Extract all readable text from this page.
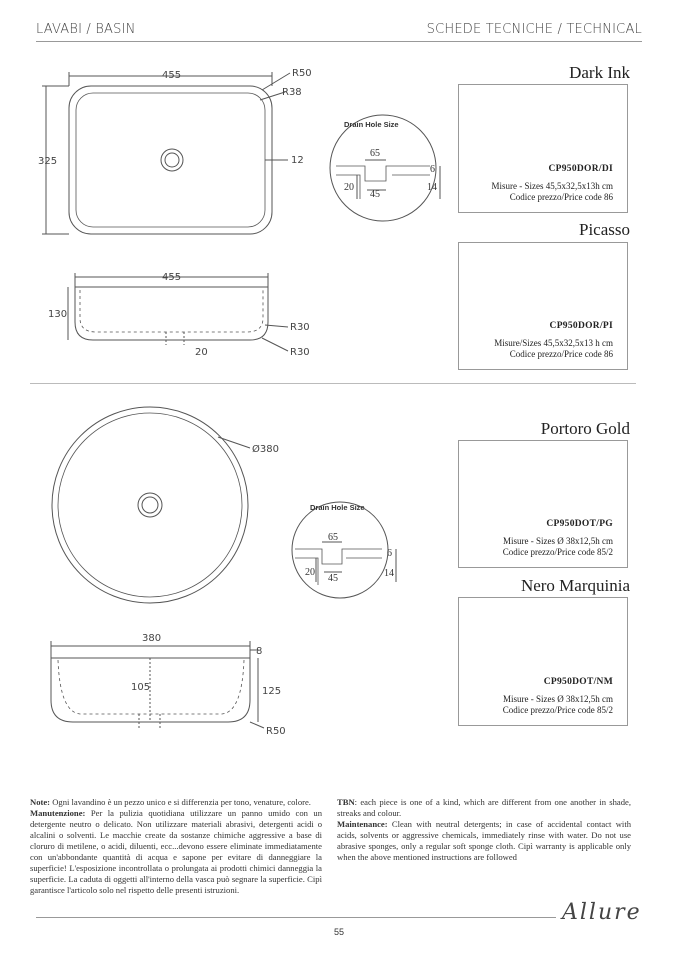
LAVABI / BASIN	SCHEDE TECNICHE / TECHNICAL
455	R50
R38
325	12
455
130
R30
20	R30
Drain Hole Size
65
45
20
6
14
Ø380
380
8
105	125
R50
Drain Hole Size
65
45
20
6
14
Dark Ink
CP950DOR/DI
Misure - Sizes 45,5x32,5x13h cm
Codice prezzo/Price code 86
Picasso
CP950DOR/PI
Misure/Sizes 45,5x32,5x13 h cm
Codice prezzo/Price code 86
Portoro Gold
CP950DOT/PG
Misure - Sizes Ø 38x12,5h cm
Codice prezzo/Price code 85/2
Nero Marquinia
CP950DOT/NM
Misure - Sizes Ø 38x12,5h cm
Codice prezzo/Price code 85/2
Note: Ogni lavandino è un pezzo unico e si differenzia per tono, venature, colore.
Manutenzione: Per la pulizia quotidiana utilizzare un panno umido con un detergente neutro o delicato. Non utilizzare materiali abrasivi, detergenti acidi o alcalini o solventi. Le macchie create da sostanze chimiche aggressive a base di cloruro di metilene, o acidi, diluenti, ecc...devono essere eliminate immediatamente con un'abbondante quantità di acqua e sapone per evitare di danneggiare la superficie! L'esposizione incontrollata o prolungata ai prodotti chimici danneggia la superficie. La caduta di oggetti all'interno della vasca può segnare la superficie. Cipì garantisce l'articolo solo nel rispetto delle presenti istruzioni.
TBN: each piece is one of a kind, which are different from one another in shade, streaks and colour.
Maintenance: Clean with neutral detergents; in case of accidental contact with acids, solvents or aggressive chemicals, immediately rinse with water. Do not use abrasive sponges, only a regular soft sponge cloth. Cipì warranty is applicable only when the above mentioned instructions are followed
Allure
55
